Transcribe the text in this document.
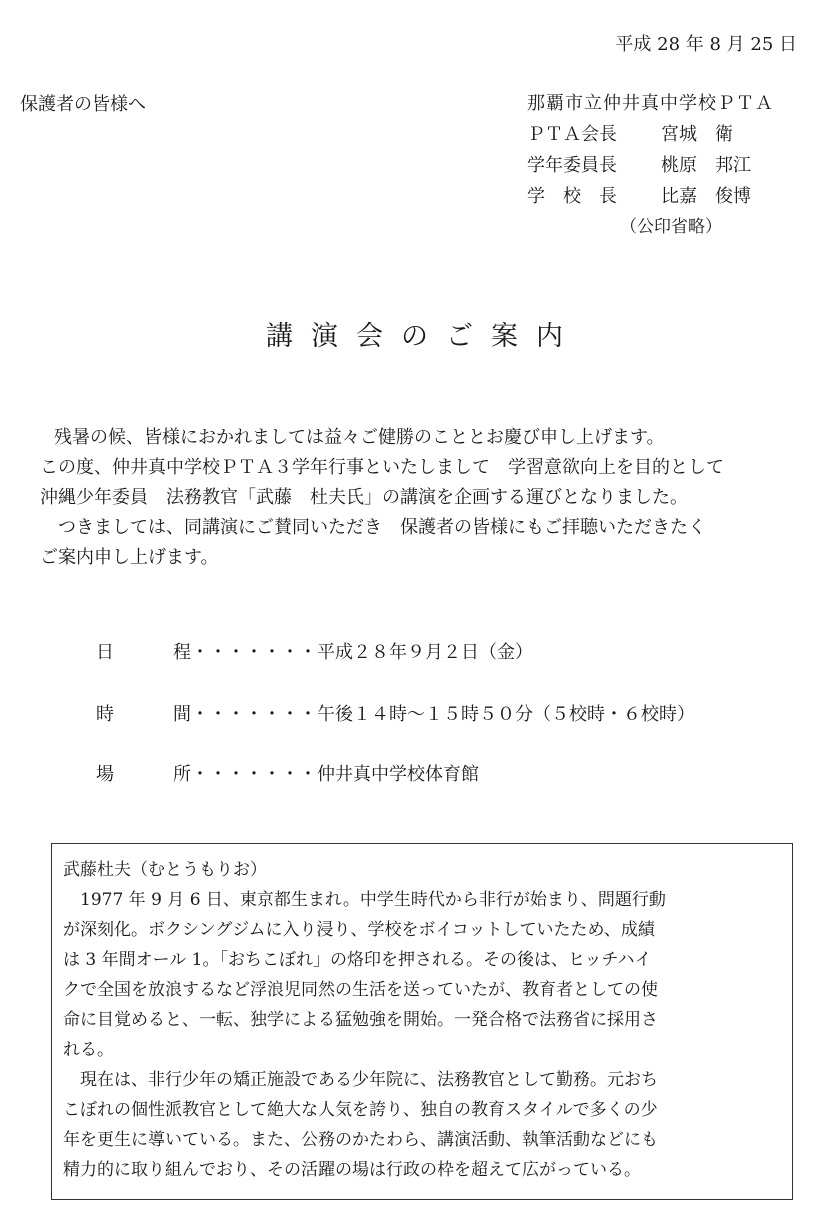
平成 28 年 8 月 25 日
保護者の皆様へ	那覇市立仲井真中学校ＰＴＡ
ＰＴＡ会長	宮城　衛
学年委員長	桃原　邦江
学　校　長	比嘉　俊博
（公印省略）
講演会のご案内

残暑の候、皆様におかれましては益々ご健勝のこととお慶び申し上げます。

この度、仲井真中学校ＰＴＡ３学年行事といたしまして　学習意欲向上を目的として

沖縄少年委員　法務教官「武藤　杜夫氏」の講演を企画する運びとなりました。

つきましては、同講演にご賛同いただき　保護者の皆様にもご拝聴いただきたく

ご案内申し上げます。

日	程・・・・・・・平成２８年９月２日（金）
時	間・・・・・・・午後１４時～１５時５０分（５校時・６校時）
場	所・・・・・・・仲井真中学校体育館

武藤杜夫（むとうもりお）

1977 年 9 月 6 日、東京都生まれ。中学生時代から非行が始まり、問題行動

が深刻化。ボクシングジムに入り浸り、学校をボイコットしていたため、成績

は 3 年間オール 1。「おちこぼれ」の烙印を押される。その後は、ヒッチハイ

クで全国を放浪するなど浮浪児同然の生活を送っていたが、教育者としての使

命に目覚めると、一転、独学による猛勉強を開始。一発合格で法務省に採用さ

れる。

現在は、非行少年の矯正施設である少年院に、法務教官として勤務。元おち

こぼれの個性派教官として絶大な人気を誇り、独自の教育スタイルで多くの少

年を更生に導いている。また、公務のかたわら、講演活動、執筆活動などにも

精力的に取り組んでおり、その活躍の場は行政の枠を超えて広がっている。
